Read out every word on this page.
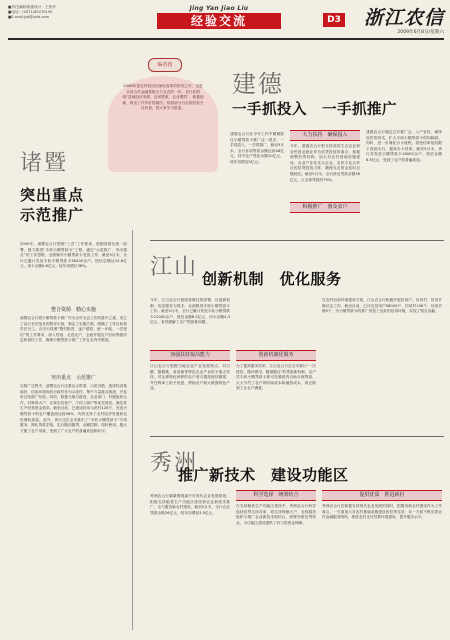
■责任编辑/版面设计：王竟华
■电话：(0571)85270190
■E-mail:jyb@zjnb.com
Jing Yan Jiao Liu
经验交流	D3	浙江农信
2009年6月8日/星期六
编者按
2008年是农村信用社深化改革的攻坚之年，也是全省合作金融系统大力支农的一年。各行社围绕“县域经济发展、农民增收、农业增效”，积极创新，推出了许多好的做法。现将部分行社的经验予以刊登，供大家学习借鉴。
诸暨
突出重点
示范推广
2009年，诸暨农合行围绕“三农”工作要求，根据省联社统一部署，强力推进“丰收小额贷款卡”工程，通过“示范推广、突出重点”的工作思路，全面铺开小额贷款卡发放工作，截至5月末，全行已累计发放丰收小额贷款卡36200余户，授信总额达12.6亿元，用卡余额6.8亿元，较年初增长38%。
整合资源　精心实施
诸暨农合行将小额贷款卡推广作为全年支农工作的重中之重，成立了由行长任组长的领导小组，制定了实施方案，明确了工作目标和责任分工。各支行按照“整村推进、逐户建档、统一评级、一次授信”的工作要求，深入村组、走进农户，全面开展农户信用等级评定和授信工作，确保小额贷款卡推广工作扎实有序推进。
突出重点　示范推广
在推广过程中，诸暨农合行注重以点带面、示范引路，选择经济基础好、信用环境优的行政村作为示范村，集中力量重点推进，并及时总结推广经验。同时，积极与地方政府、农业部门、村级组织合作，对种养大户、农家乐经营户、个体工商户等优先授信，满足其生产经营资金需求。截至目前，已建成信用示范村126个，发放小额贷款卡的农户覆盖面达到58%，有效支持了农村经济发展和农民增收致富。此外，该行还在全市推出了“丰收小额贷款卡”专项服务，简化贷款手续，实行随用随贷、余额控制、周转使用，极大方便了农户用款，受到了广大农户的普遍欢迎和好评。
建德
一手抓投入　一手抓推广
建德农合行在今年工作中紧紧抓住小额贷款卡推广这一抓手，一手抓投入，一手抓推广，截至5月末，全行各项贷款余额达到48亿元，其中农户贷款余额20亿元，较年初增加3亿元。
大力扶持　确保投入
今年，建德农合行把支持高效生态农业和农民创业就业作为信贷投放的重点，积极调整信贷结构，加大对农村基础设施建设、农业产业化龙头企业、农民专业合作社的信贷投放力度，确保支农资金及时足额到位。截至5月末，全行涉农贷款余额38亿元，占全部贷款的79%。
积极推广　惠及农户
建德农合行通过召开推广会、入户宣传、媒体宣传等形式，扩大丰收小额贷款卡的知晓面。同时，进一步简化办卡流程，将授信审批权限下放到支行，提高办卡效率。截至5月末，该行共发放小额贷款卡16000余户，授信金额6.5亿元，受到了农户的普遍欢迎。
江山 创新机制　优化服务
今年，江山农合行按照省联社的部署，以创新机制、优化服务为抓手，全面推进丰收小额贷款卡工作。截至5月末，全行已累计发放丰收小额贷款卡21000余户，授信金额8.2亿元，用卡余额4.3亿元，有效缓解了农户贷款难问题。
加强扶持提高能力
江山农合行根据当地农业产业发展特点，对白鹅、猕猴桃、食用菌等特色农业产业给予重点扶持，对从事特色种养的农户适当提高授信额度，并在利率上给予优惠，帮助农户做大做强特色产业。
创新机制优服务
为了提高服务效率，江山农合行在全市推行“一次授信、循环使用、随借随还”的贷款新机制，农户凭丰收小额贷款卡即可在额度内自助办理贷款，大大节约了农户的时间成本和融资成本，真正做到了让农户满意。
在农村信用环境建设方面，江山农合行积极开展信用户、信用村、信用乡镇评定工作，截至目前，已评定信用户58000户、信用村156个、信用乡镇5个，为小额贷款卡的推广营造了良好的信用环境，实现了银农双赢。
秀洲
推广新技术　建设功能区
秀洲农合行紧紧围绕嘉兴市现代农业发展规划，积极支持粮食生产功能区建设和农业新技术推广，全力服务新农村建设，截至5月末，全行农业贷款余额26亿元，较年初增加3.5亿元。
科学选择　统筹结合
在支持粮食生产功能区建设中，秀洲农合行科学选择信贷支持对象，将支持种粮大户、农机服务组织与推广农业新技术相结合，统筹安排信贷资金，为功能区建设提供了有力的资金保障。
提供优质　推进新村
秀洲农合行在积极支持现代农业发展的同时，把服务新农村建设作为工作重点，一方面加大对农村基础设施建设的信贷支持，另一方面不断完善农村金融服务网络，推进农村支付结算环境建设，提升服务水平。
